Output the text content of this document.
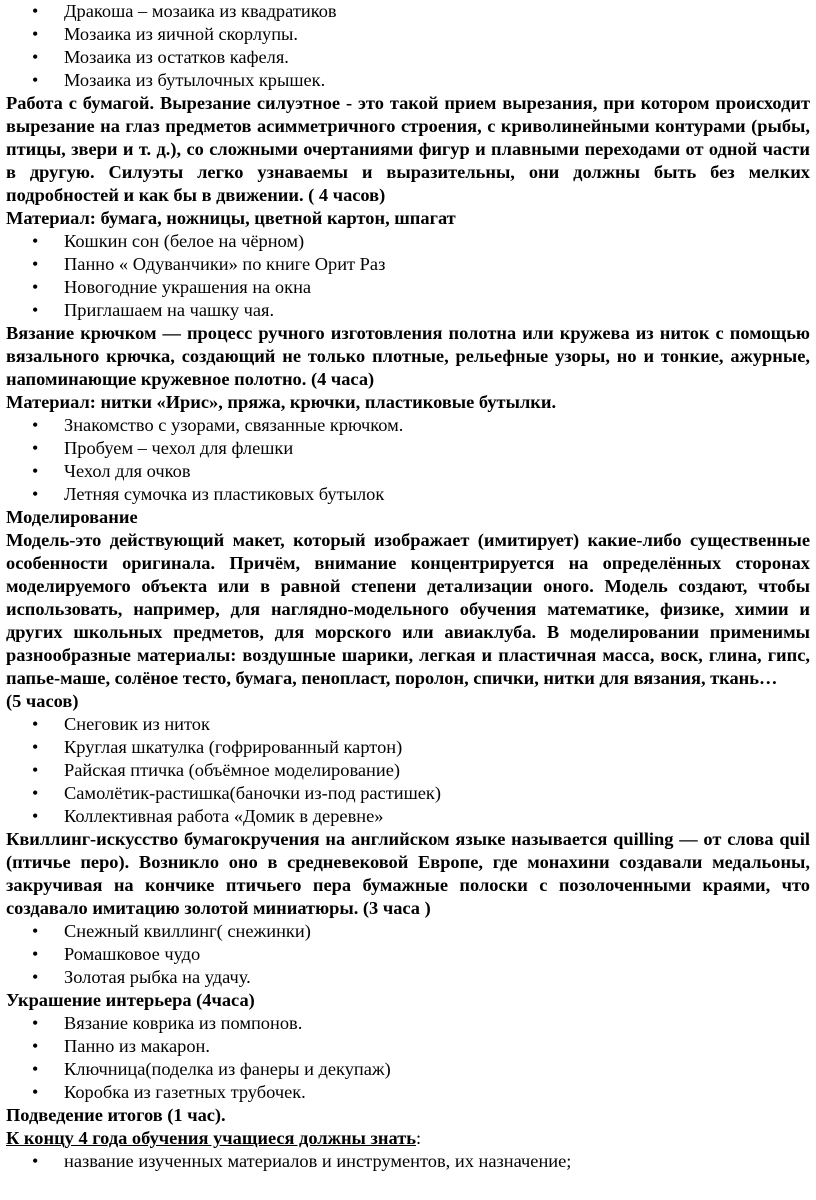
• Дракоша – мозаика из квадратиков
• Мозаика из яичной скорлупы.
• Мозаика из остатков кафеля.
• Мозаика из бутылочных крышек.

Работа с бумагой. Вырезание силуэтное - это такой прием вырезания, при котором происходит вырезание на глаз предметов асимметричного строения, с криволинейными контурами (рыбы, птицы, звери и т. д.), со сложными очертаниями фигур и плавными переходами от одной части в другую. Силуэты легко узнаваемы и выразительны, они должны быть без мелких подробностей и как бы в движении. ( 4 часов)

Материал: бумага, ножницы, цветной картон, шпагат

• Кошкин сон (белое на чёрном)
• Панно « Одуванчики» по книге Орит Раз
• Новогодние украшения на окна
• Приглашаем на чашку чая.

Вязание крючком — процесс ручного изготовления полотна или кружева из ниток с помощью вязального крючка, создающий не только плотные, рельефные узоры, но и тонкие, ажурные, напоминающие кружевное полотно. (4 часа)

Материал: нитки «Ирис», пряжа, крючки, пластиковые бутылки.

• Знакомство с узорами, связанные крючком.
• Пробуем – чехол для флешки
• Чехол для очков
• Летняя сумочка из пластиковых бутылок

Моделирование

Модель-это действующий макет, который изображает (имитирует) какие-либо существенные особенности оригинала. Причём, внимание концентрируется на определённых сторонах моделируемого объекта или в равной степени детализации оного. Модель создают, чтобы использовать, например, для наглядно-модельного обучения математике, физике, химии и других школьных предметов, для морского или авиаклуба. В моделировании применимы разнообразные материалы: воздушные шарики, легкая и пластичная масса, воск, глина, гипс, папье-маше, солёное тесто, бумага, пенопласт, поролон, спички, нитки для вязания, ткань…

(5 часов)

• Снеговик из ниток
• Круглая шкатулка (гофрированный картон)
• Райская птичка (объёмное моделирование)
• Самолётик-растишка(баночки из-под растишек)
• Коллективная работа «Домик в деревне»

Квиллинг-искусство бумагокручения на английском языке называется quilling — от слова quil (птичье перо). Возникло оно в средневековой Европе, где монахини создавали медальоны, закручивая на кончике птичьего пера бумажные полоски с позолоченными краями, что создавало имитацию золотой миниатюры. (3 часа )

• Снежный квиллинг( снежинки)
• Ромашковое чудо
• Золотая рыбка на удачу.

Украшение интерьера (4часа)

• Вязание коврика из помпонов.
• Панно из макарон.
• Ключница(поделка из фанеры и декупаж)
• Коробка из газетных трубочек.

Подведение итогов (1 час).

К концу 4 года обучения учащиеся должны знать:

• название изученных материалов и инструментов, их назначение;
